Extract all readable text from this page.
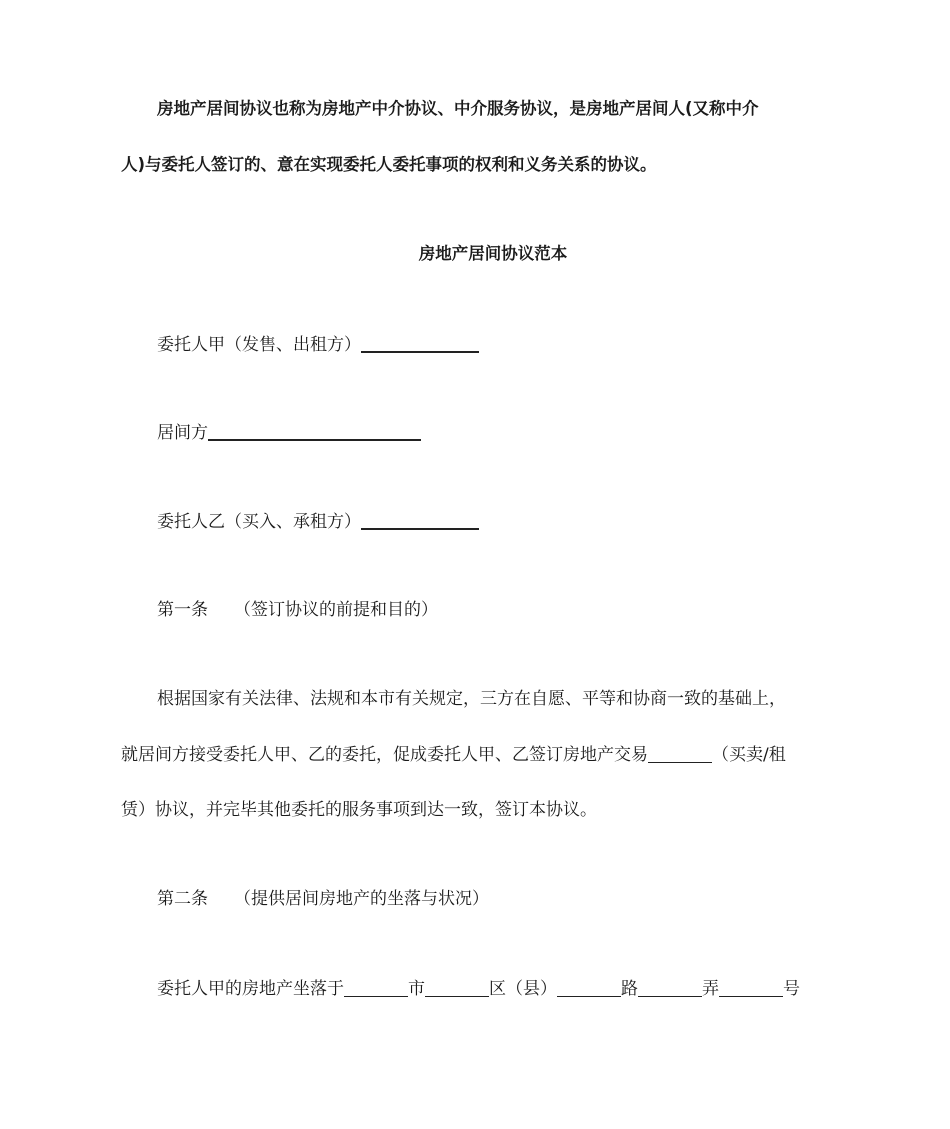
房地产居间协议也称为房地产中介协议、中介服务协议，是房地产居间人(又称中介
人)与委托人签订的、意在实现委托人委托事项的权利和义务关系的协议。
房地产居间协议范本
委托人甲（发售、出租方）
居间方
委托人乙（买入、承租方）
第一条 （签订协议的前提和目的）
根据国家有关法律、法规和本市有关规定，三方在自愿、平等和协商一致的基础上，
就居间方接受委托人甲、乙的委托，促成委托人甲、乙签订房地产交易	（买卖/租
赁）协议，并完毕其他委托的服务事项到达一致，签订本协议。
第二条 （提供居间房地产的坐落与状况）
委托人甲的房地产坐落于	市	区（县）	路	弄	号
